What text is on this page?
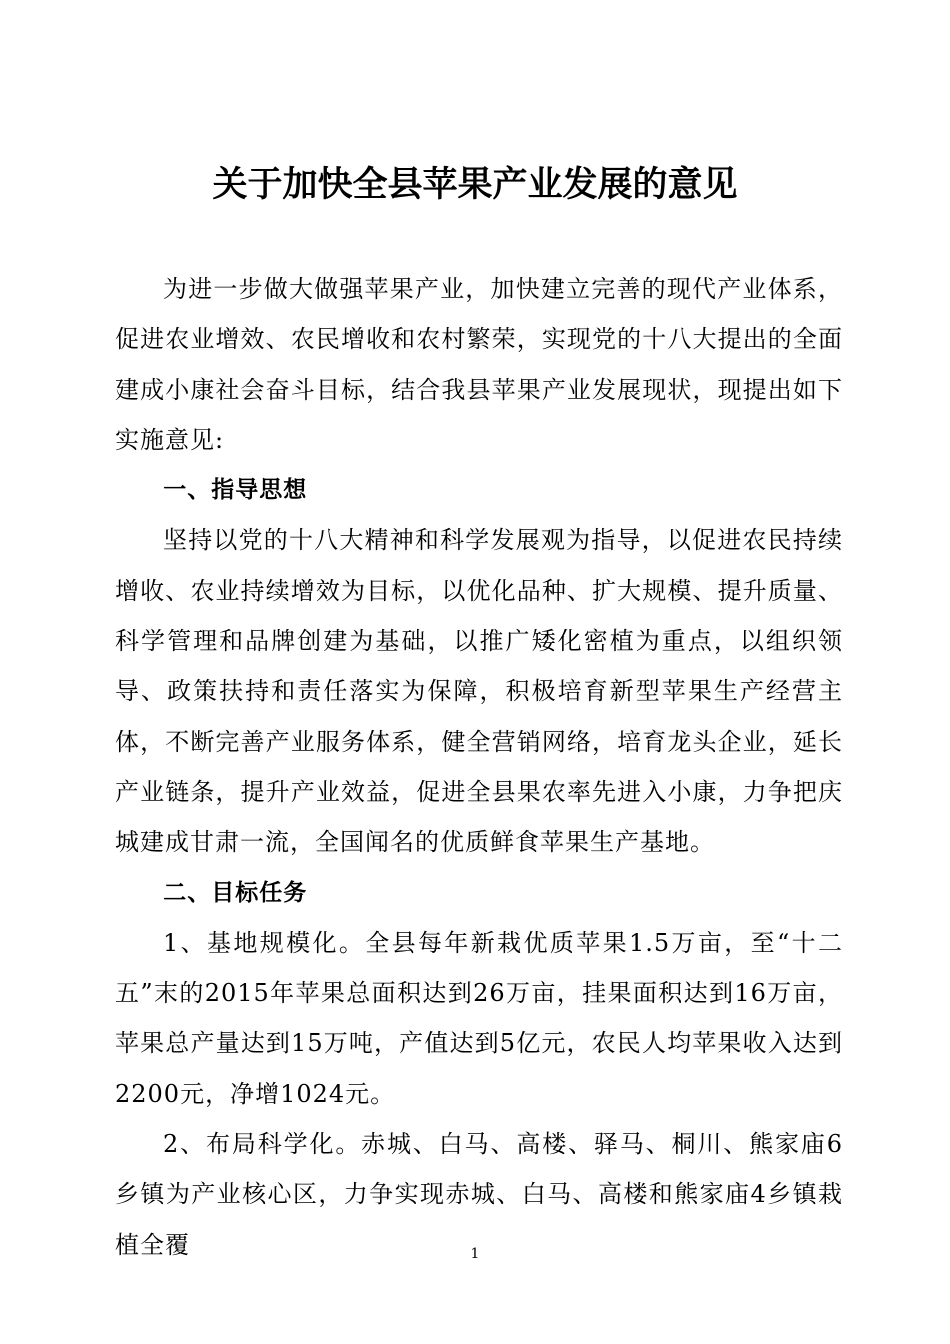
关于加快全县苹果产业发展的意见

为进一步做大做强苹果产业，加快建立完善的现代产业体系，促进农业增效、农民增收和农村繁荣，实现党的十八大提出的全面建成小康社会奋斗目标，结合我县苹果产业发展现状，现提出如下实施意见:

一、指导思想

坚持以党的十八大精神和科学发展观为指导，以促进农民持续增收、农业持续增效为目标，以优化品种、扩大规模、提升质量、科学管理和品牌创建为基础，以推广矮化密植为重点，以组织领导、政策扶持和责任落实为保障，积极培育新型苹果生产经营主体，不断完善产业服务体系，健全营销网络，培育龙头企业，延长产业链条，提升产业效益，促进全县果农率先进入小康，力争把庆城建成甘肃一流，全国闻名的优质鲜食苹果生产基地。

二、目标任务

1、基地规模化。全县每年新栽优质苹果1.5万亩，至“十二五”末的2015年苹果总面积达到26万亩，挂果面积达到16万亩，苹果总产量达到15万吨，产值达到5亿元，农民人均苹果收入达到2200元，净增1024元。

2、布局科学化。赤城、白马、高楼、驿马、桐川、熊家庙6乡镇为产业核心区，力争实现赤城、白马、高楼和熊家庙4乡镇栽植全覆	1
